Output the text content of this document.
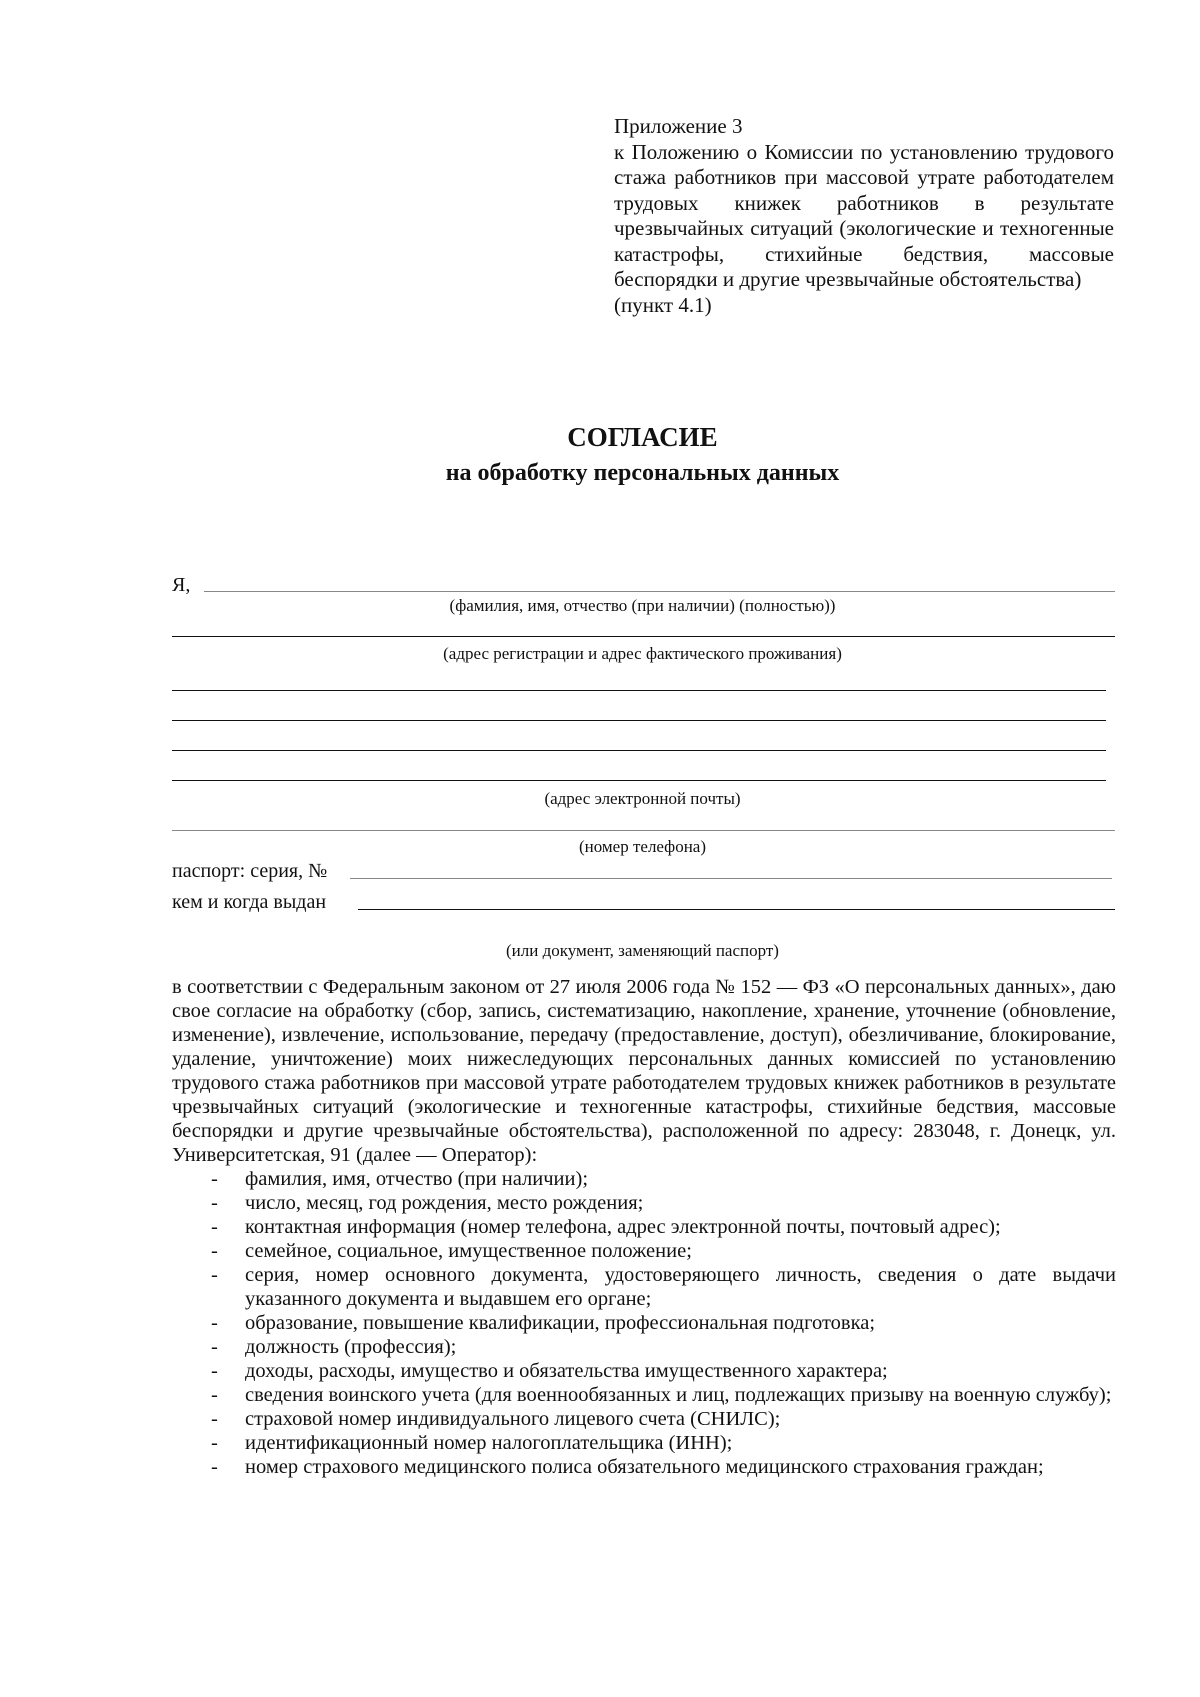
Приложение 3
к Положению о Комиссии по установлению трудового стажа работников при массовой утрате работодателем трудовых книжек работников в результате чрезвычайных ситуаций (экологические и техногенные катастрофы, стихийные бедствия, массовые беспорядки и другие чрезвычайные обстоятельства)
(пункт 4.1)
СОГЛАСИЕ
на обработку персональных данных
Я,
(фамилия, имя, отчество (при наличии) (полностью))
(адрес регистрации и адрес фактического проживания)
(адрес электронной почты)
(номер телефона)
паспорт: серия, №
кем и когда выдан
(или документ, заменяющий паспорт)

в соответствии с Федеральным законом от 27 июля 2006 года № 152 — ФЗ «О персональных данных», даю свое согласие на обработку (сбор, запись, систематизацию, накопление, хранение, уточнение (обновление, изменение), извлечение, использование, передачу (предоставление, доступ), обезличивание, блокирование, удаление, уничтожение) моих нижеследующих персональных данных комиссией по установлению трудового стажа работников при массовой утрате работодателем трудовых книжек работников в результате чрезвычайных ситуаций (экологические и техногенные катастрофы, стихийные бедствия, массовые беспорядки и другие чрезвычайные обстоятельства), расположенной по адресу: 283048, г. Донецк, ул. Университетская, 91 (далее — Оператор):

- фамилия, имя, отчество (при наличии);
- число, месяц, год рождения, место рождения;
- контактная информация (номер телефона, адрес электронной почты, почтовый адрес);
- семейное, социальное, имущественное положение;
- серия, номер основного документа, удостоверяющего личность, сведения о дате выдачи указанного документа и выдавшем его органе;
- образование, повышение квалификации, профессиональная подготовка;
- должность (профессия);
- доходы, расходы, имущество и обязательства имущественного характера;
- сведения воинского учета (для военнообязанных и лиц, подлежащих призыву на военную службу);
- страховой номер индивидуального лицевого счета (СНИЛС);
- идентификационный номер налогоплательщика (ИНН);
- номер страхового медицинского полиса обязательного медицинского страхования граждан;
